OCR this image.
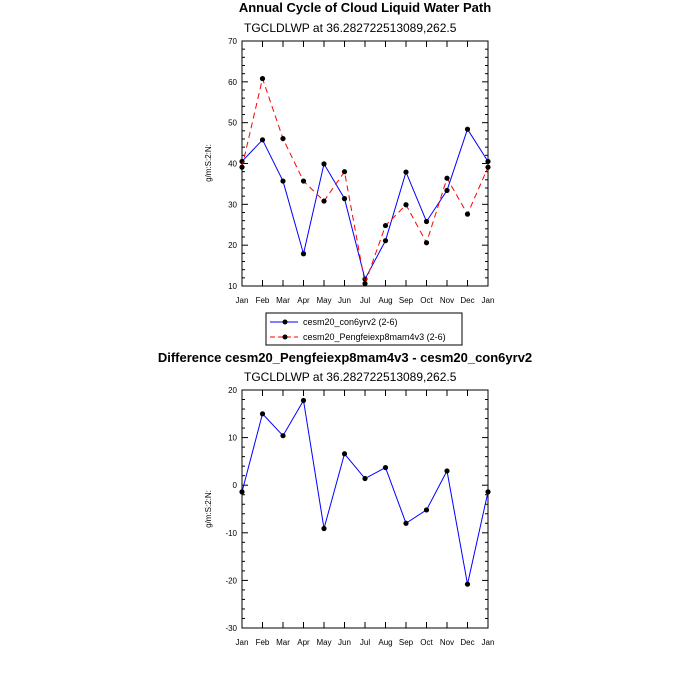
Annual Cycle of Cloud Liquid Water Path
TGCLDLWP at 36.282722513089,262.5
g/m:S:2:N:
10
20
30
40
50
60
70
Jan Feb Mar Apr May Jun Jul Aug Sep Oct Nov Dec Jan
cesm20_con6yrv2 (2-6)
cesm20_Pengfeiexp8mam4v3 (2-6)
Difference cesm20_Pengfeiexp8mam4v3 - cesm20_con6yrv2
TGCLDLWP at 36.282722513089,262.5
g/m:S:2:N:
-30
-20
-10
0
10
20
Jan Feb Mar Apr May Jun Jul Aug Sep Oct Nov Dec Jan
